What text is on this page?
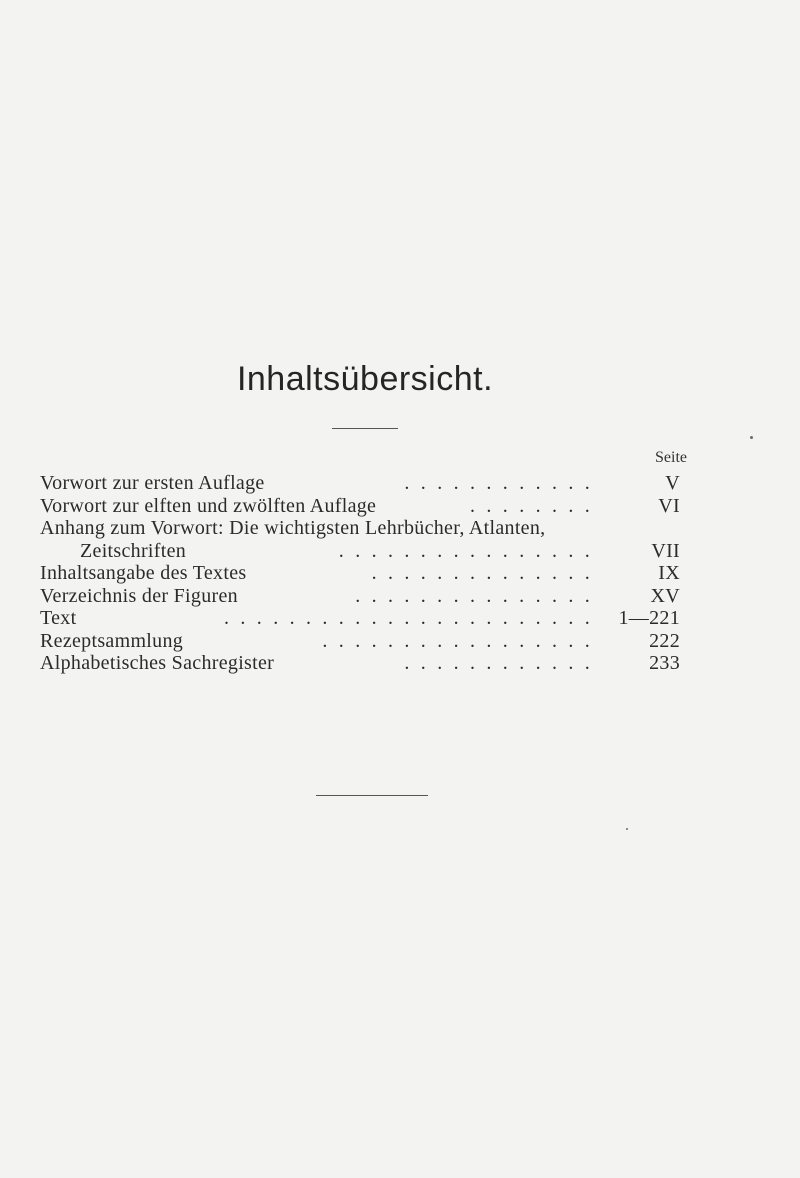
Inhaltsübersicht.
Seite
Vorwort zur ersten Auflage	. . . . . . . . . . . .	V
Vorwort zur elften und zwölften Auflage	. . . . . . . .	VI
Anhang zum Vorwort: Die wichtigsten Lehrbücher, Atlanten,
Zeitschriften	. . . . . . . . . . . . . . . .	VII
Inhaltsangabe des Textes	. . . . . . . . . . . . . .	IX
Verzeichnis der Figuren	. . . . . . . . . . . . . . .	XV
Text	. . . . . . . . . . . . . . . . . . . . . . .	1—221
Rezeptsammlung	. . . . . . . . . . . . . . . . .	222
Alphabetisches Sachregister	. . . . . . . . . . . .	233
